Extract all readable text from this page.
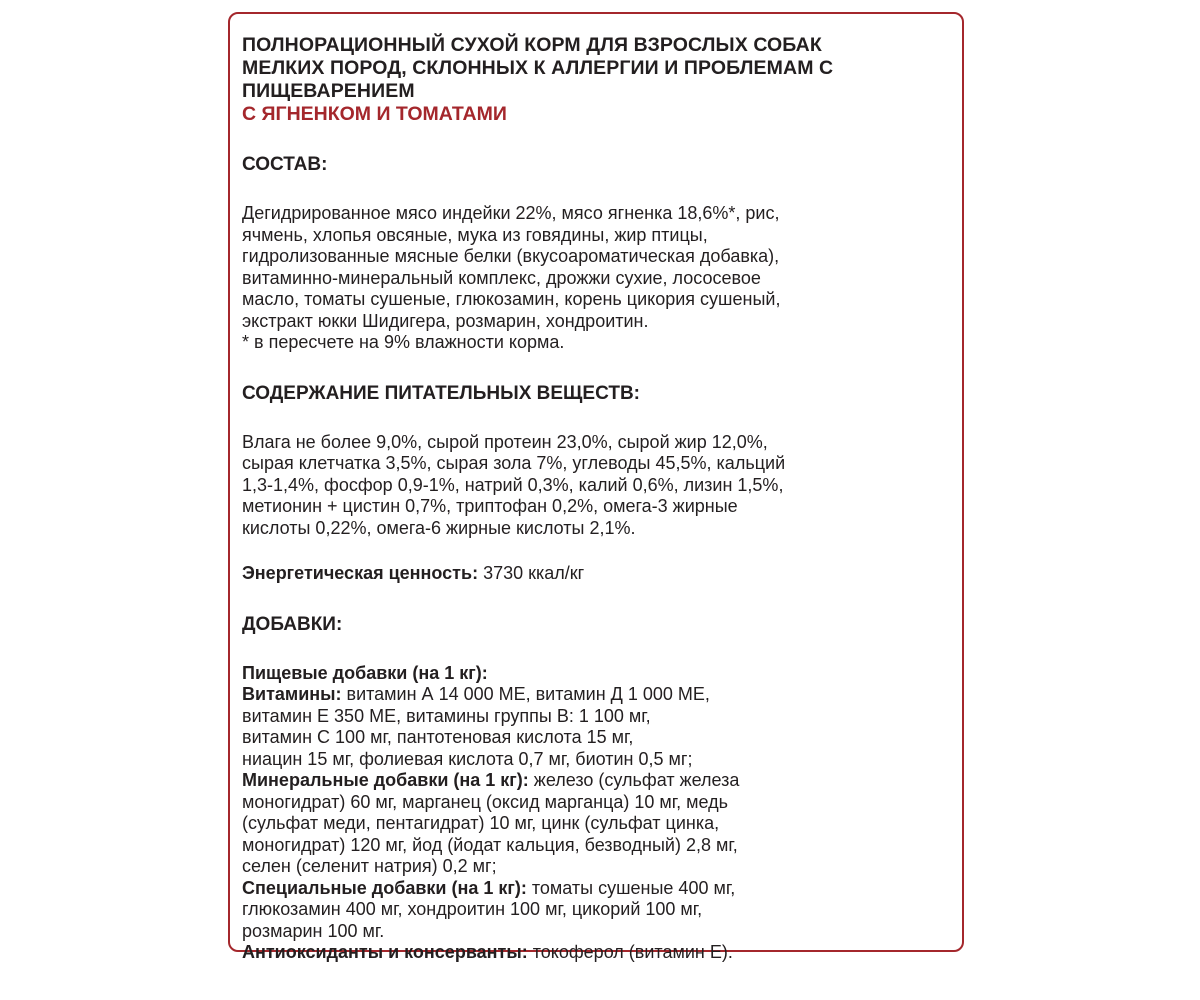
ПОЛНОРАЦИОННЫЙ СУХОЙ КОРМ ДЛЯ ВЗРОСЛЫХ СОБАК
МЕЛКИХ ПОРОД, СКЛОННЫХ К АЛЛЕРГИИ И ПРОБЛЕМАМ С
ПИЩЕВАРЕНИЕМ
С ЯГНЕНКОМ И ТОМАТАМИ
СОСТАВ:
Дегидрированное мясо индейки 22%, мясо ягненка 18,6%*, рис,
ячмень, хлопья овсяные, мука из говядины, жир птицы,
гидролизованные мясные белки (вкусоароматическая добавка),
витаминно-минеральный комплекс, дрожжи сухие, лососевое
масло, томаты сушеные, глюкозамин, корень цикория сушеный,
экстракт юкки Шидигера, розмарин, хондроитин.
* в пересчете на 9% влажности корма.
СОДЕРЖАНИЕ ПИТАТЕЛЬНЫХ ВЕЩЕСТВ:
Влага не более 9,0%, сырой протеин 23,0%, сырой жир 12,0%,
сырая клетчатка 3,5%, сырая зола 7%, углеводы 45,5%, кальций
1,3-1,4%, фосфор 0,9-1%, натрий 0,3%, калий 0,6%, лизин 1,5%,
метионин + цистин 0,7%, триптофан 0,2%, омега-3 жирные
кислоты 0,22%, омега-6 жирные кислоты 2,1%.
Энергетическая ценность: 3730 ккал/кг
ДОБАВКИ:
Пищевые добавки (на 1 кг):
Витамины: витамин А 14 000 МЕ, витамин Д 1 000 МЕ,
витамин Е 350 МЕ, витамины группы В: 1 100 мг,
витамин С 100 мг, пантотеновая кислота 15 мг,
ниацин 15 мг, фолиевая кислота 0,7 мг, биотин 0,5 мг;
Минеральные добавки (на 1 кг): железо (сульфат железа
моногидрат) 60 мг, марганец (оксид марганца) 10 мг, медь
(сульфат меди, пентагидрат) 10 мг, цинк (сульфат цинка,
моногидрат) 120 мг, йод (йодат кальция, безводный) 2,8 мг,
селен (селенит натрия) 0,2 мг;
Специальные добавки (на 1 кг): томаты сушеные 400 мг,
глюкозамин 400 мг, хондроитин 100 мг, цикорий 100 мг,
розмарин 100 мг.
Антиоксиданты и консерванты: токоферол (витамин Е).
